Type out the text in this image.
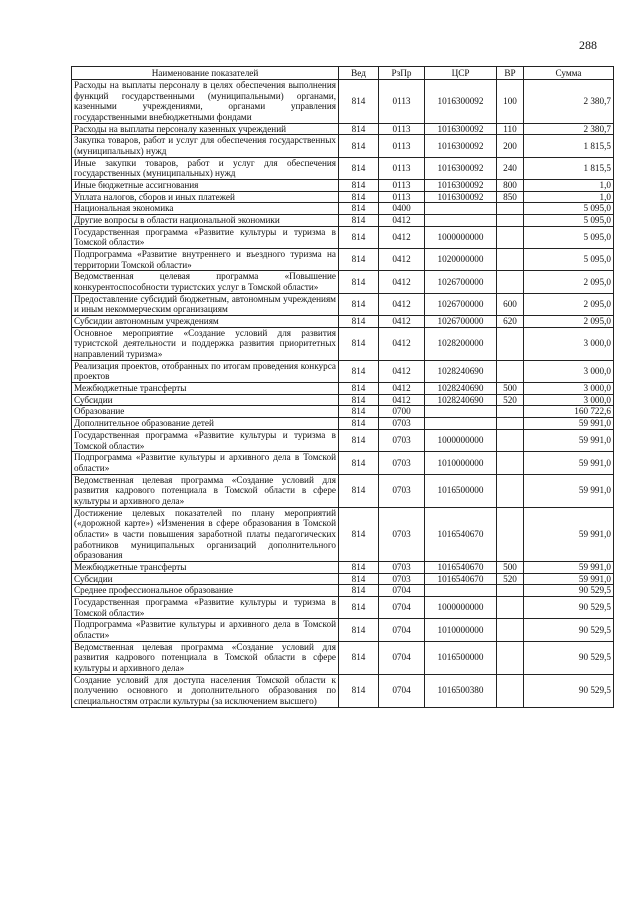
288
Наименование показателей	Вед	РзПр	ЦСР	ВР	Сумма
Расходы на выплаты персоналу в целях обеспечения выполнения функций государственными (муниципальными) органами, казенными учреждениями, органами управления государственными внебюджетными фондами	814	0113	1016300092	100	2 380,7
Расходы на выплаты персоналу казенных учреждений	814	0113	1016300092	110	2 380,7
Закупка товаров, работ и услуг для обеспечения государственных (муниципальных) нужд	814	0113	1016300092	200	1 815,5
Иные закупки товаров, работ и услуг для обеспечения государственных (муниципальных) нужд	814	0113	1016300092	240	1 815,5
Иные бюджетные ассигнования	814	0113	1016300092	800	1,0
Уплата налогов, сборов и иных платежей	814	0113	1016300092	850	1,0
Национальная экономика	814	0400			5 095,0
Другие вопросы в области национальной экономики	814	0412			5 095,0
Государственная программа «Развитие культуры и туризма в Томской области»	814	0412	1000000000		5 095,0
Подпрограмма «Развитие внутреннего и въездного туризма на территории Томской области»	814	0412	1020000000		5 095,0
Ведомственная целевая программа «Повышение конкурентоспособности туристских услуг в Томской области»	814	0412	1026700000		2 095,0
Предоставление субсидий бюджетным, автономным учреждениям и иным некоммерческим организациям	814	0412	1026700000	600	2 095,0
Субсидии автономным учреждениям	814	0412	1026700000	620	2 095,0
Основное мероприятие «Создание условий для развития туристской деятельности и поддержка развития приоритетных направлений туризма»	814	0412	1028200000		3 000,0
Реализация проектов, отобранных по итогам проведения конкурса проектов	814	0412	1028240690		3 000,0
Межбюджетные трансферты	814	0412	1028240690	500	3 000,0
Субсидии	814	0412	1028240690	520	3 000,0
Образование	814	0700			160 722,6
Дополнительное образование детей	814	0703			59 991,0
Государственная программа «Развитие культуры и туризма в Томской области»	814	0703	1000000000		59 991,0
Подпрограмма «Развитие культуры и архивного дела в Томской области»	814	0703	1010000000		59 991,0
Ведомственная целевая программа «Создание условий для развития кадрового потенциала в Томской области в сфере культуры и архивного дела»	814	0703	1016500000		59 991,0
Достижение целевых показателей по плану мероприятий («дорожной карте») «Изменения в сфере образования в Томской области» в части повышения заработной платы педагогических работников муниципальных организаций дополнительного образования	814	0703	1016540670		59 991,0
Межбюджетные трансферты	814	0703	1016540670	500	59 991,0
Субсидии	814	0703	1016540670	520	59 991,0
Среднее профессиональное образование	814	0704			90 529,5
Государственная программа «Развитие культуры и туризма в Томской области»	814	0704	1000000000		90 529,5
Подпрограмма «Развитие культуры и архивного дела в Томской области»	814	0704	1010000000		90 529,5
Ведомственная целевая программа «Создание условий для развития кадрового потенциала в Томской области в сфере культуры и архивного дела»	814	0704	1016500000		90 529,5
Создание условий для доступа населения Томской области к получению основного и дополнительного образования по специальностям отрасли культуры (за исключением высшего)	814	0704	1016500380		90 529,5
